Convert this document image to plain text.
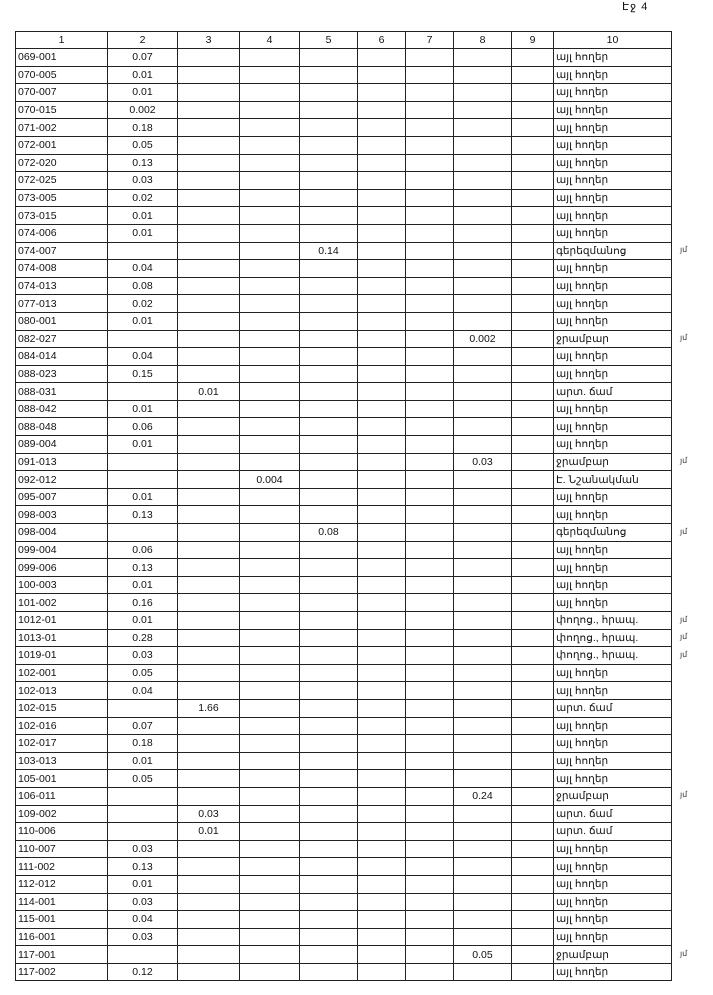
Էջ 4
1	2	3	4	5	6	7	8	9	10
069-001	0.07								այլ հողեր
070-005	0.01								այլ հողեր
070-007	0.01								այլ հողեր
070-015	0.002								այլ հողեր
071-002	0.18								այլ հողեր
072-001	0.05								այլ հողեր
072-020	0.13								այլ հողեր
072-025	0.03								այլ հողեր
073-005	0.02								այլ հողեր
073-015	0.01								այլ հողեր
074-006	0.01								այլ հողեր
074-007				0.14					գերեզմանոց
074-008	0.04								այլ հողեր
074-013	0.08								այլ հողեր
077-013	0.02								այլ հողեր
080-001	0.01								այլ հողեր
082-027							0.002		ջրամբար
084-014	0.04								այլ հողեր
088-023	0.15								այլ հողեր
088-031		0.01							արտ. ճամ
088-042	0.01								այլ հողեր
088-048	0.06								այլ հողեր
089-004	0.01								այլ հողեր
091-013							0.03		ջրամբար
092-012			0.004						Է. Նշանակման
095-007	0.01								այլ հողեր
098-003	0.13								այլ հողեր
098-004				0.08					գերեզմանոց
099-004	0.06								այլ հողեր
099-006	0.13								այլ հողեր
100-003	0.01								այլ հողեր
101-002	0.16								այլ հողեր
1012-01	0.01								փողոց., հրապ.
1013-01	0.28								փողոց., հրապ.
1019-01	0.03								փողոց., հրապ.
102-001	0.05								այլ հողեր
102-013	0.04								այլ հողեր
102-015		1.66							արտ. ճամ
102-016	0.07								այլ հողեր
102-017	0.18								այլ հողեր
103-013	0.01								այլ հողեր
105-001	0.05								այլ հողեր
106-011							0.24		ջրամբար
109-002		0.03							արտ. ճամ
110-006		0.01							արտ. ճամ
110-007	0.03								այլ հողեր
111-002	0.13								այլ հողեր
112-012	0.01								այլ հողեր
114-001	0.03								այլ հողեր
115-001	0.04								այլ հողեր
116-001	0.03								այլ հողեր
117-001							0.05		ջրամբար
117-002	0.12								այլ հողեր
յմ
յմ
յմ
յմ
յմ
յմ
յմ
յմ
յմ
